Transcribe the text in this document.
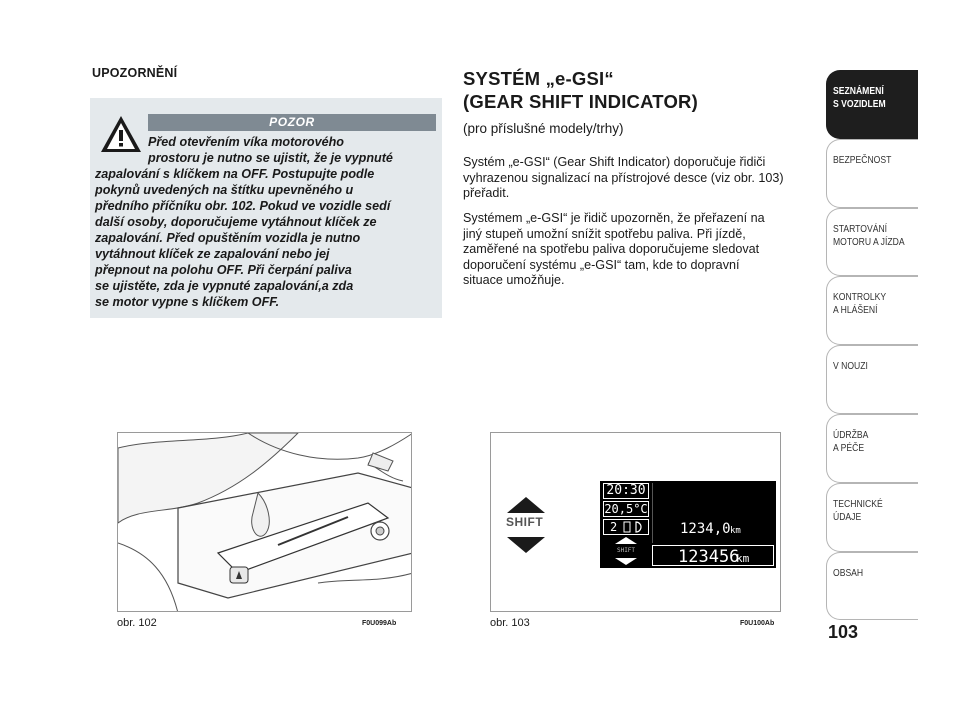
UPOZORNĚNÍ
POZOR
Před otevřením víka motorového
prostoru je nutno se ujistit, že je vypnuté
zapalování s klíčkem na OFF. Postupujte podle
pokynů uvedených na štítku upevněného u
předního příčníku obr. 102. Pokud ve vozidle sedí
další osoby, doporučujeme vytáhnout klíček ze
zapalování. Před opuštěním vozidla je nutno
vytáhnout klíček ze zapalování nebo jej
přepnout na polohu OFF. Při čerpání paliva
se ujistěte, zda je vypnuté zapalování,a zda
se motor vypne s klíčkem OFF.
obr. 102	F0U099Ab
SYSTÉM „e-GSI“
(GEAR SHIFT INDICATOR)
(pro příslušné modely/trhy)
Systém „e-GSI“ (Gear Shift Indicator) doporučuje řidiči
vyhrazenou signalizací na přístrojové desce (viz obr. 103)
přeřadit.
Systémem „e-GSI“ je řidič upozorněn, že přeřazení na
jiný stupeň umožní snížit spotřebu paliva. Při jízdě,
zaměřené na spotřebu paliva doporučujeme sledovat
doporučení systému „e-GSI“ tam, kde to dopravní
situace umožňuje.
SHIFT
20:30
20,5°C
2
SHIFT
1234,0 km
123456
km
obr. 103	F0U100Ab
SEZNÁMENÍ
S VOZIDLEM
BEZPEČNOST
STARTOVÁNÍ
MOTORU A JÍZDA
KONTROLKY
A HLÁŠENÍ
V NOUZI
ÚDRŽBA
A PÉČE
TECHNICKÉ
ÚDAJE
OBSAH
103
